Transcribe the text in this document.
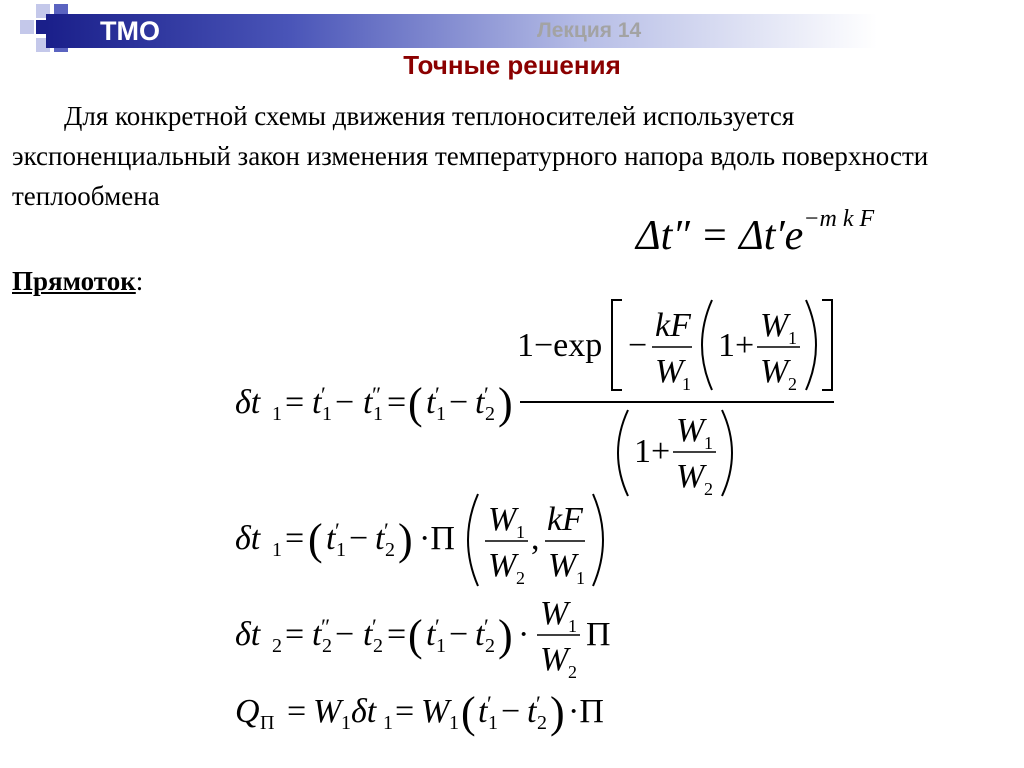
ТМО	Лекция 14
Точные решения
Для конкретной схемы движения теплоносителей используется экспоненциальный закон изменения температурного напора вдоль поверхности теплообмена
$\Delta t'' = \Delta t'e^{-m k F}$
Прямоток:
δt 1 = t ′
1 − t ″
1 = ( t ′
1 − t ′
2 )
1−exp −
kF
W
1
1+
W 1
W 2
1+
W 1
W 2
δt 1 = ( t ′
1 − t ′
2 ) ·Π
W 1
W 2
,
kF
W 1
δt 2 = t ″
2 − t ′
2 = ( t ′
1 − t ′
2 ) ·
W 1
W 2
Π
Q П = W 1 δt 1 = W 1 ( t ′
1 − t ′
2 ) ·Π
